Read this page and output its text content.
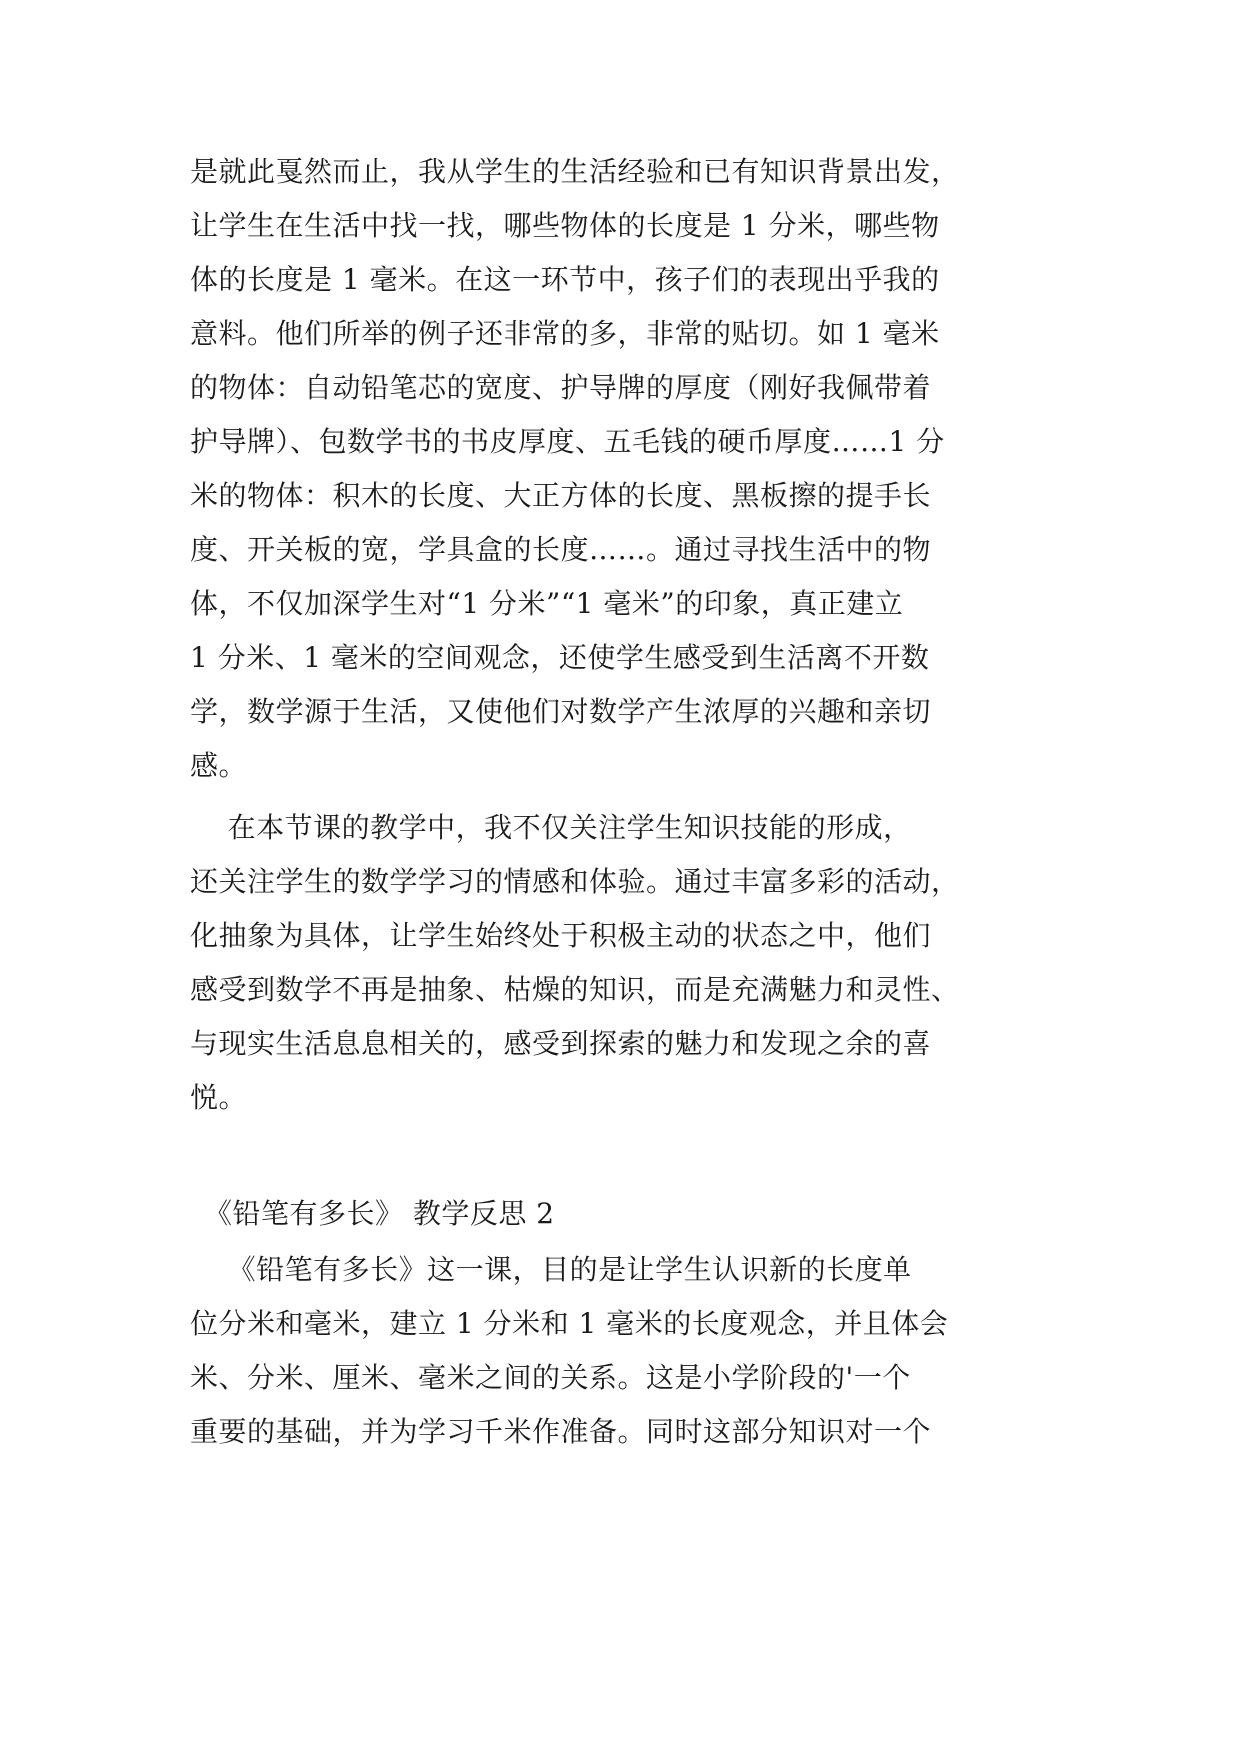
是就此戛然而止，我从学生的生活经验和已有知识背景出发，
让学生在生活中找一找，哪些物体的长度是 1 分米，哪些物
体的长度是 1 毫米。在这一环节中，孩子们的表现出乎我的
意料。他们所举的例子还非常的多，非常的贴切。如 1 毫米
的物体：自动铅笔芯的宽度、护导牌的厚度（刚好我佩带着
护导牌）、包数学书的书皮厚度、五毛钱的硬币厚度……1 分
米的物体：积木的长度、大正方体的长度、黑板擦的提手长
度、开关板的宽，学具盒的长度……。通过寻找生活中的物
体，不仅加深学生对“1 分米”“1 毫米”的印象，真正建立
1 分米、1 毫米的空间观念，还使学生感受到生活离不开数
学，数学源于生活，又使他们对数学产生浓厚的兴趣和亲切
感。
在本节课的教学中，我不仅关注学生知识技能的形成，
还关注学生的数学学习的情感和体验。通过丰富多彩的活动，
化抽象为具体，让学生始终处于积极主动的状态之中，他们
感受到数学不再是抽象、枯燥的知识，而是充满魅力和灵性、
与现实生活息息相关的，感受到探索的魅力和发现之余的喜
悦。
《铅笔有多长》 教学反思 2
《铅笔有多长》这一课，目的是让学生认识新的长度单
位分米和毫米，建立 1 分米和 1 毫米的长度观念，并且体会
米、分米、厘米、毫米之间的关系。这是小学阶段的'一个
重要的基础，并为学习千米作准备。同时这部分知识对一个
